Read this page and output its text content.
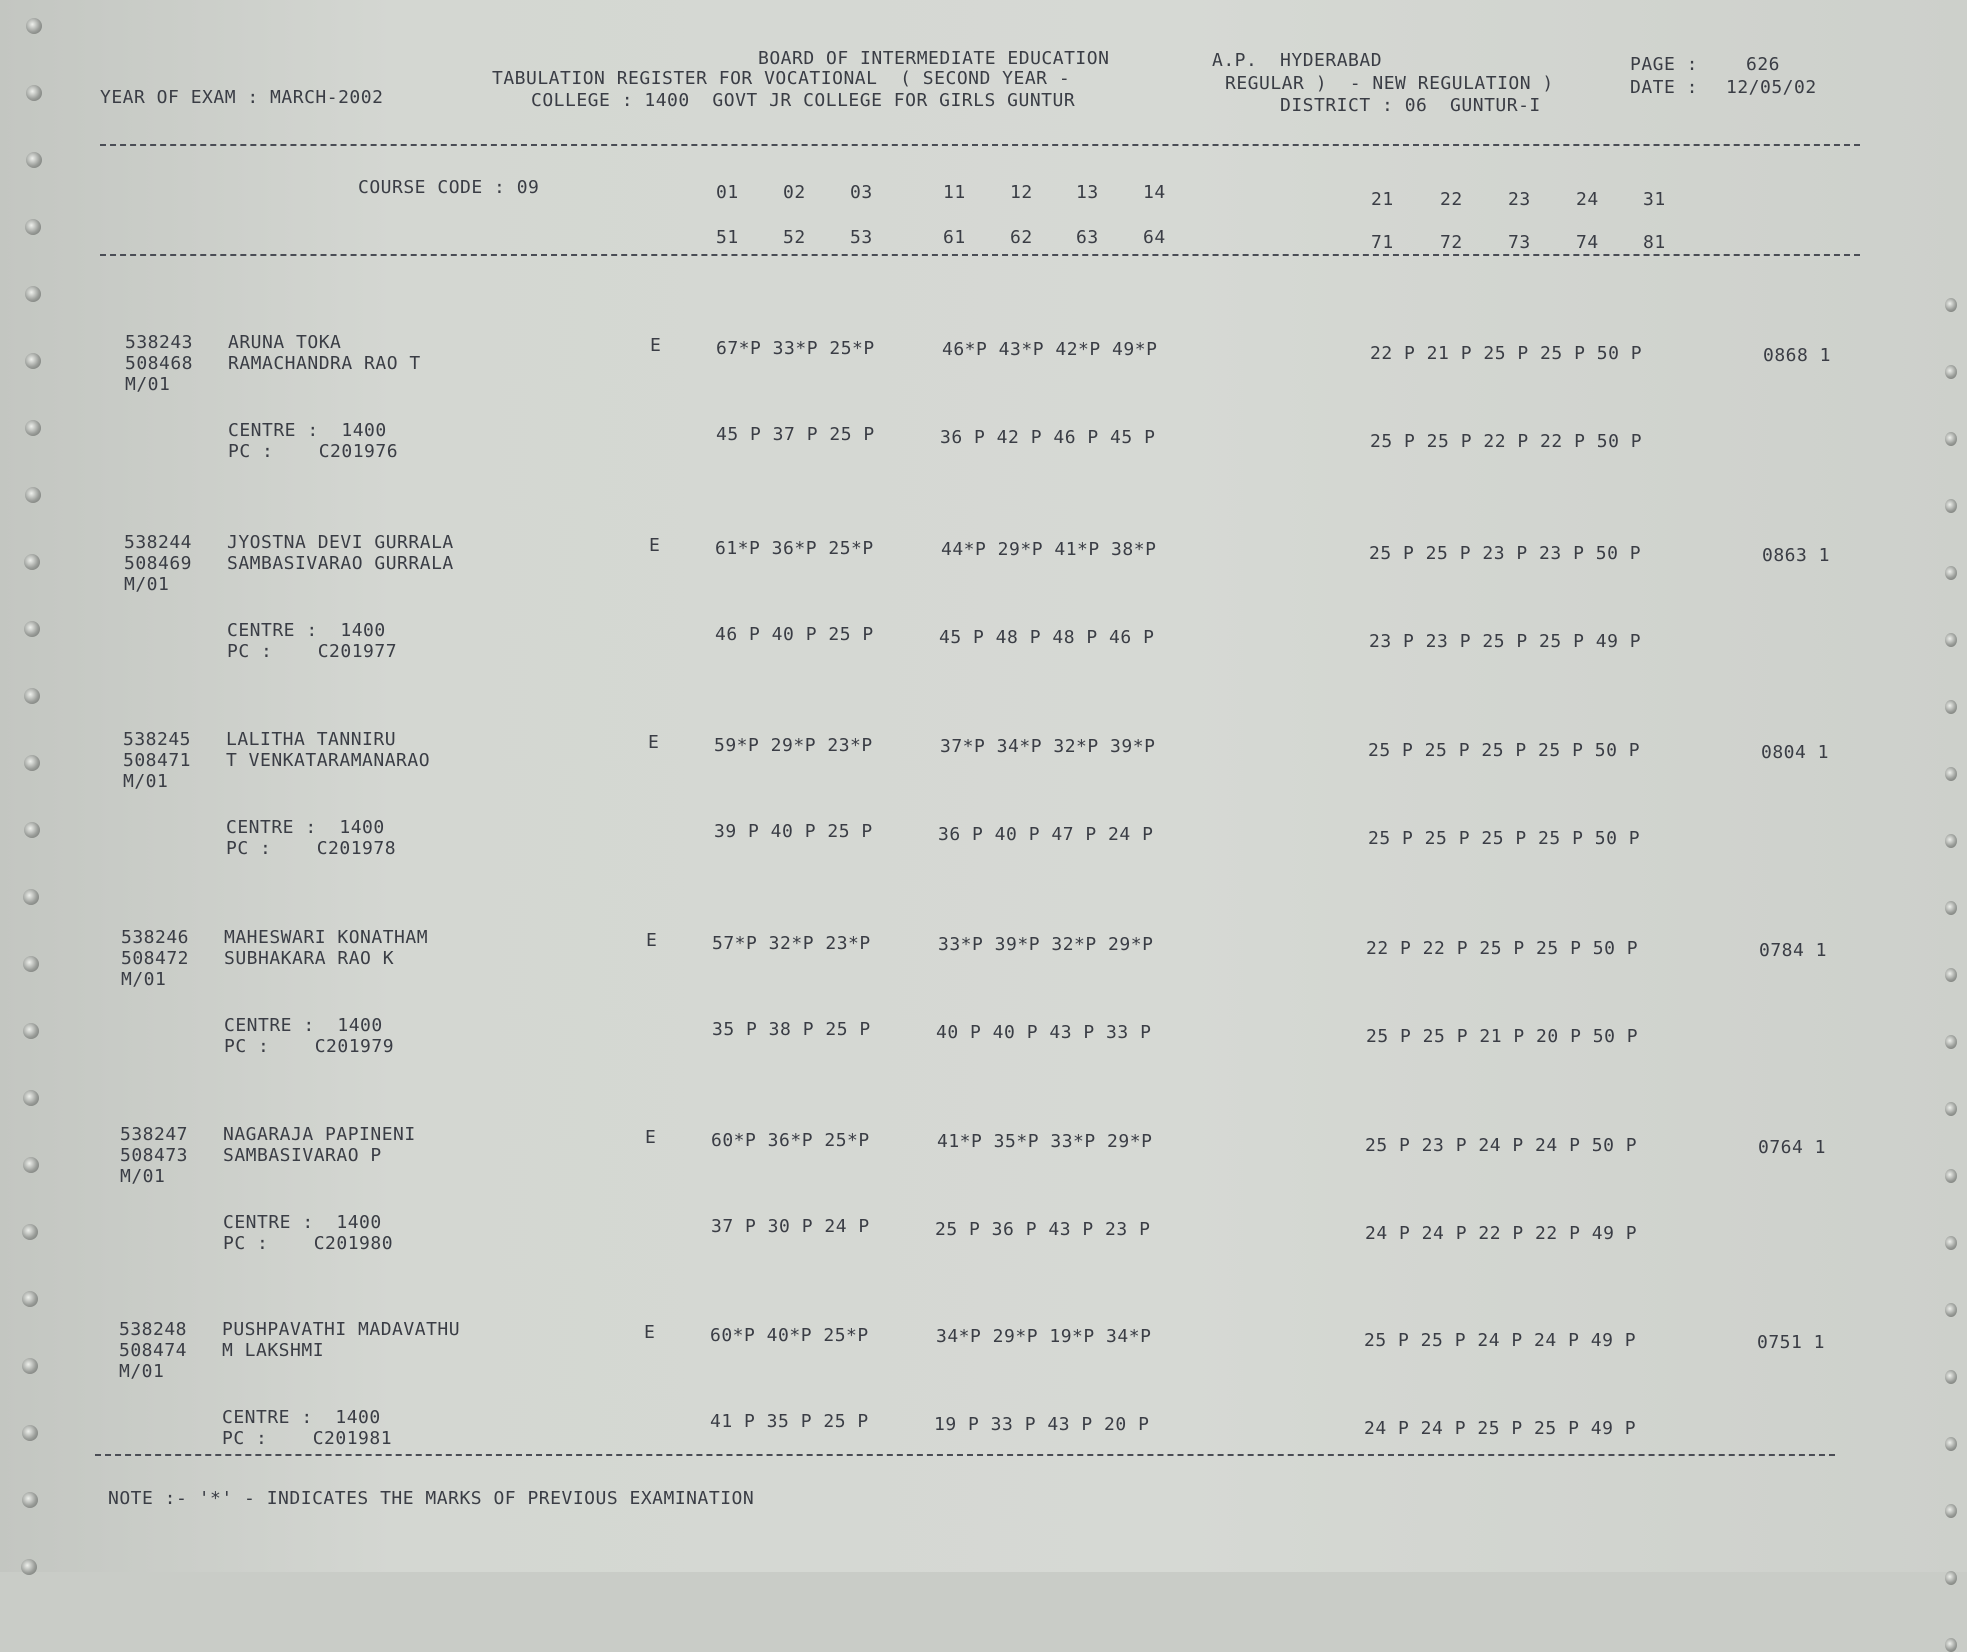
BOARD OF INTERMEDIATE EDUCATION	A.P.  HYDERABAD	PAGE :	626
TABULATION REGISTER FOR VOCATIONAL  ( SECOND YEAR -	REGULAR )  - NEW REGULATION )	DATE : 12/05/02
YEAR OF EXAM : MARCH-2002	COLLEGE : 1400  GOVT JR COLLEGE FOR GIRLS GUNTUR	DISTRICT : 06  GUNTUR-I
COURSE CODE : 09	01 02 03	11 12 13 14	21	22	23	24 31
51 52 53	61 62 63 64	71	72	73	74 81
538243 ARUNA TOKA
508468 RAMACHANDRA RAO T
M/01
E	67*P 33*P 25*P	46*P 43*P 42*P 49*P	22 P 21 P 25 P 25 P 50 P	0868 1
CENTRE :  1400
PC :    C201976
45 P 37 P 25 P	36 P 42 P 46 P 45 P	25 P 25 P 22 P 22 P 50 P
538244 JYOSTNA DEVI GURRALA
508469 SAMBASIVARAO GURRALA
M/01
E	61*P 36*P 25*P	44*P 29*P 41*P 38*P	25 P 25 P 23 P 23 P 50 P	0863 1
CENTRE :  1400
PC :    C201977
46 P 40 P 25 P	45 P 48 P 48 P 46 P	23 P 23 P 25 P 25 P 49 P
538245 LALITHA TANNIRU
508471 T VENKATARAMANARAO
M/01
E	59*P 29*P 23*P	37*P 34*P 32*P 39*P	25 P 25 P 25 P 25 P 50 P	0804 1
CENTRE :  1400
PC :    C201978
39 P 40 P 25 P	36 P 40 P 47 P 24 P	25 P 25 P 25 P 25 P 50 P
538246 MAHESWARI KONATHAM
508472 SUBHAKARA RAO K
M/01
E	57*P 32*P 23*P	33*P 39*P 32*P 29*P	22 P 22 P 25 P 25 P 50 P	0784 1
CENTRE :  1400
PC :    C201979
35 P 38 P 25 P	40 P 40 P 43 P 33 P	25 P 25 P 21 P 20 P 50 P
538247 NAGARAJA PAPINENI
508473 SAMBASIVARAO P
M/01
E	60*P 36*P 25*P	41*P 35*P 33*P 29*P	25 P 23 P 24 P 24 P 50 P	0764 1
CENTRE :  1400
PC :    C201980
37 P 30 P 24 P	25 P 36 P 43 P 23 P	24 P 24 P 22 P 22 P 49 P
538248 PUSHPAVATHI MADAVATHU
508474 M LAKSHMI
M/01
E	60*P 40*P 25*P	34*P 29*P 19*P 34*P	25 P 25 P 24 P 24 P 49 P	0751 1
CENTRE :  1400
PC :    C201981
41 P 35 P 25 P	19 P 33 P 43 P 20 P	24 P 24 P 25 P 25 P 49 P
NOTE :- '*' - INDICATES THE MARKS OF PREVIOUS EXAMINATION
